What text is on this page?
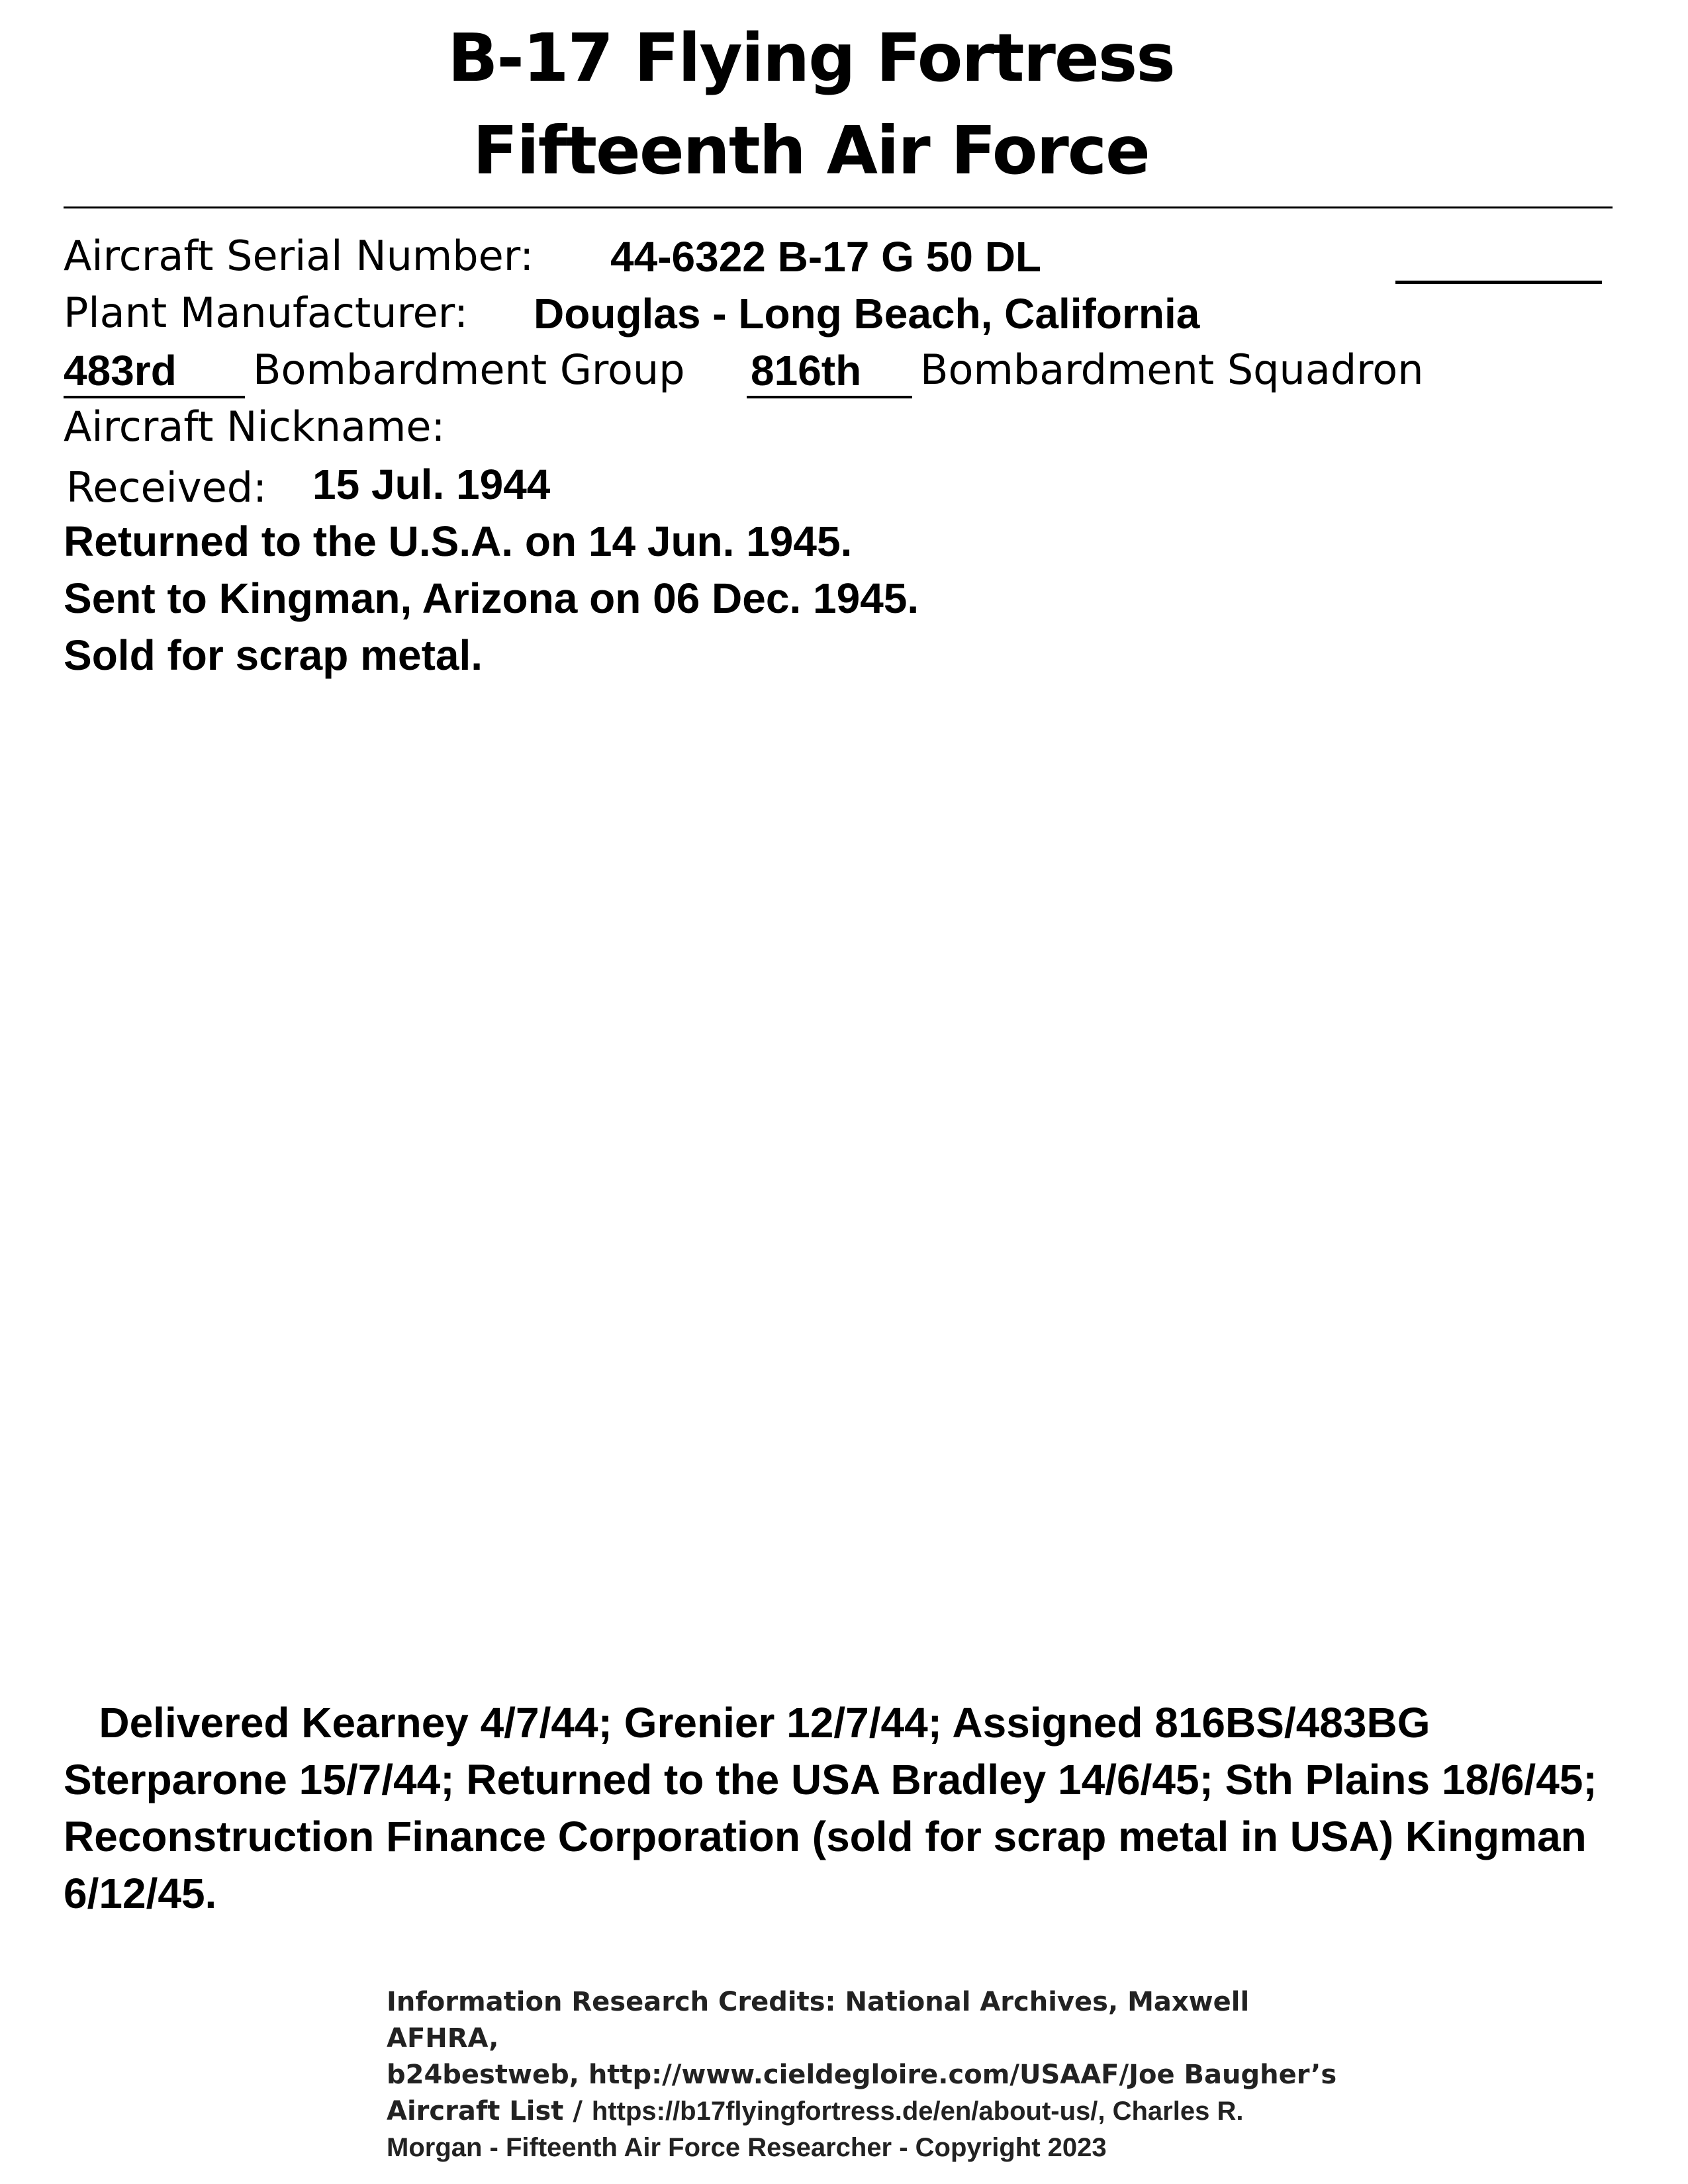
B-17 Flying Fortress
Fifteenth Air Force
Aircraft Serial Number: 44-6322 B-17 G 50 DL
Plant Manufacturer: Douglas - Long Beach, California
483rd	Bombardment Group 816th	Bombardment Squadron
Aircraft Nickname:
Received: 15 Jul. 1944
Returned to the U.S.A. on 14 Jun. 1945.
Sent to Kingman, Arizona on 06 Dec. 1945.
Sold for scrap metal.
Delivered Kearney 4/7/44; Grenier 12/7/44; Assigned 816BS/483BG Sterparone 15/7/44; Returned to the USA Bradley 14/6/45; Sth Plains 18/6/45; Reconstruction Finance Corporation (sold for scrap metal in USA) Kingman 6/12/45.
Information Research Credits: National Archives, Maxwell AFHRA,
b24bestweb, http://www.cieldegloire.com/USAAF/Joe Baugher’s
Aircraft List / https://b17flyingfortress.de/en/about-us/, Charles R.
Morgan - Fifteenth Air Force Researcher - Copyright 2023
